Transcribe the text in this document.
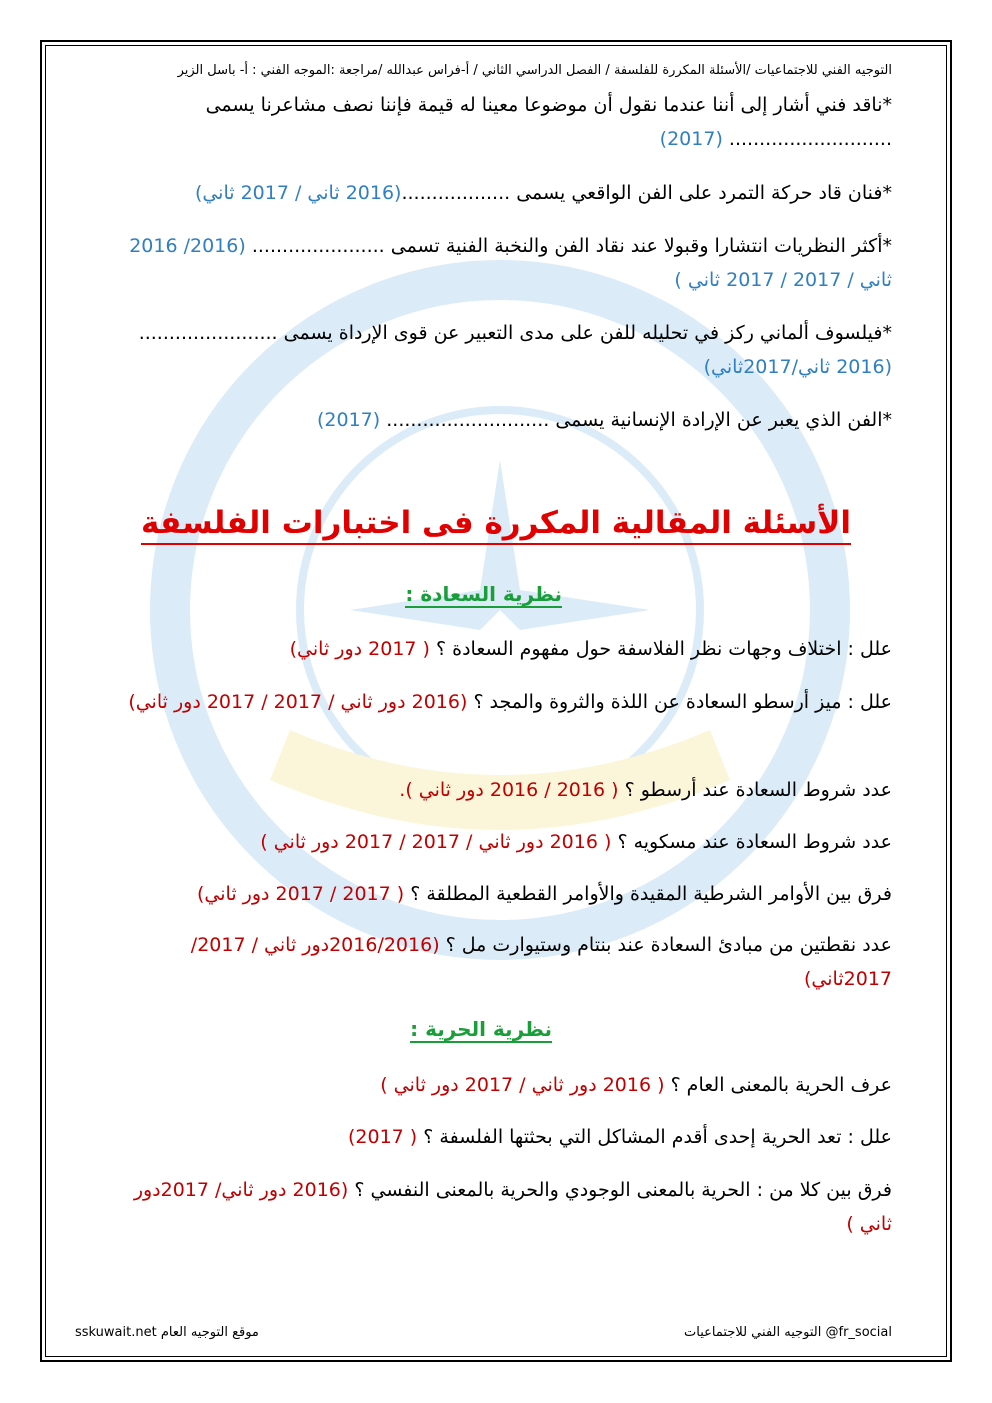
التوجيه الفني للاجتماعيات /الأسئلة المكررة للفلسفة / الفصل الدراسي الثاني / أ-فراس عبدالله /مراجعة :الموجه الفني : أ- باسل الزير
*ناقد فني أشار إلى أننا عندما نقول أن موضوعا معينا له قيمة فإننا نصف مشاعرنا يسمى ........................... (2017)
*فنان قاد حركة التمرد على الفن الواقعي يسمى ..................(2016 ثاني / 2017 ثاني)
*أكثر النظريات انتشارا وقبولا عند نقاد الفن والنخبة الفنية تسمى ...................... (2016/ 2016 ثاني / 2017 / 2017 ثاني )
*فيلسوف ألماني ركز في تحليله للفن على مدى التعبير عن قوى الإرداة يسمى ....................... (2016 ثاني/2017ثاني)
*الفن الذي يعبر عن الإرادة الإنسانية يسمى ........................... (2017)
الأسئلة المقالية المكررة فى اختبارات الفلسفة
نظرية السعادة :
علل : اختلاف وجهات نظر الفلاسفة حول مفهوم السعادة ؟ ( 2017 دور ثاني)
علل : ميز أرسطو السعادة عن اللذة والثروة والمجد ؟ (2016 دور ثاني / 2017 / 2017 دور ثاني)
عدد شروط السعادة عند أرسطو ؟ ( 2016 / 2016 دور ثاني ).
عدد شروط السعادة عند مسكويه ؟ ( 2016 دور ثاني / 2017 / 2017 دور ثاني )
فرق بين الأوامر الشرطية المقيدة والأوامر القطعية المطلقة ؟ ( 2017 / 2017 دور ثاني)
عدد نقطتين من مبادئ السعادة عند بنتام وستيوارت مل ؟ (2016/2016دور ثاني / 2017/ 2017ثاني)
نظرية الحرية :
عرف الحرية بالمعنى العام ؟ ( 2016 دور ثاني / 2017 دور ثاني )
علل : تعد الحرية إحدى أقدم المشاكل التي بحثتها الفلسفة ؟ ( 2017)
فرق بين كلا من : الحرية بالمعنى الوجودي والحرية بالمعنى النفسي ؟ (2016 دور ثاني/ 2017دور ثاني )
التوجيه الفني للاجتماعيات @fr_social
sskuwait.net موقع التوجيه العام
